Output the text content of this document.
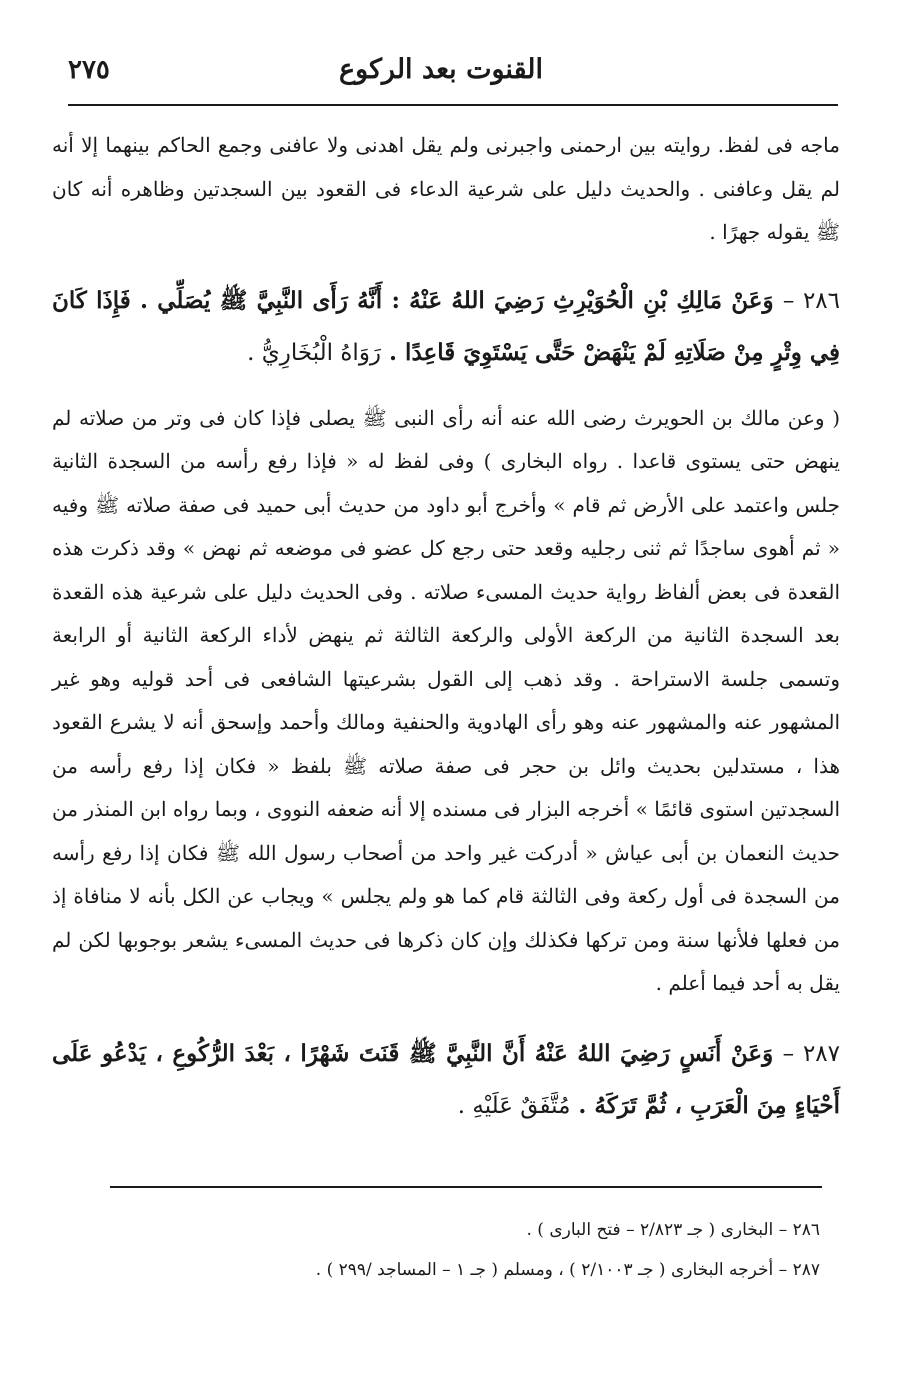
القنوت بعد الركوع
٢٧٥

ماجه فى لفظ. روايته بين ارحمنى واجبرنى ولم يقل اهدنى ولا عافنى وجمع الحاكم بينهما إلا أنه لم يقل وعافنى . والحديث دليل على شرعية الدعاء فى القعود بين السجدتين وظاهره أنه كان ﷺ يقوله جهرًا .

٢٨٦ – وَعَنْ مَالِكِ بْنِ الْحُوَيْرِثِ رَضِيَ اللهُ عَنْهُ : أَنَّهُ رَأَى النَّبِيَّ ﷺ يُصَلِّي . فَإِذَا كَانَ فِي وِتْرٍ مِنْ صَلَاتِهِ لَمْ يَنْهَضْ حَتَّى يَسْتَوِيَ قَاعِدًا . رَوَاهُ الْبُخَارِيُّ .

( وعن مالك بن الحويرث رضى الله عنه أنه رأى النبى ﷺ يصلى فإذا كان فى وتر من صلاته لم ينهض حتى يستوى قاعدا . رواه البخارى ) وفى لفظ له « فإذا رفع رأسه من السجدة الثانية جلس واعتمد على الأرض ثم قام » وأخرج أبو داود من حديث أبى حميد فى صفة صلاته ﷺ وفيه « ثم أهوى ساجدًا ثم ثنى رجليه وقعد حتى رجع كل عضو فى موضعه ثم نهض » وقد ذكرت هذه القعدة فى بعض ألفاظ رواية حديث المسىء صلاته . وفى الحديث دليل على شرعية هذه القعدة بعد السجدة الثانية من الركعة الأولى والركعة الثالثة ثم ينهض لأداء الركعة الثانية أو الرابعة وتسمى جلسة الاستراحة . وقد ذهب إلى القول بشرعيتها الشافعى فى أحد قوليه وهو غير المشهور عنه والمشهور عنه وهو رأى الهادوية والحنفية ومالك وأحمد وإسحق أنه لا يشرع القعود هذا ، مستدلين بحديث وائل بن حجر فى صفة صلاته ﷺ بلفظ « فكان إذا رفع رأسه من السجدتين استوى قائمًا » أخرجه البزار فى مسنده إلا أنه ضعفه النووى ، وبما رواه ابن المنذر من حديث النعمان بن أبى عياش « أدركت غير واحد من أصحاب رسول الله ﷺ فكان إذا رفع رأسه من السجدة فى أول ركعة وفى الثالثة قام كما هو ولم يجلس » ويجاب عن الكل بأنه لا منافاة إذ من فعلها فلأنها سنة ومن تركها فكذلك وإن كان ذكرها فى حديث المسىء يشعر بوجوبها لكن لم يقل به أحد فيما أعلم .

٢٨٧ – وَعَنْ أَنَسٍ رَضِيَ اللهُ عَنْهُ أَنَّ النَّبِيَّ ﷺ قَنَتَ شَهْرًا ، بَعْدَ الرُّكُوعِ ، يَدْعُو عَلَى أَحْيَاءٍ مِنَ الْعَرَبِ ، ثُمَّ تَرَكَهُ . مُتَّفَقٌ عَلَيْهِ .

٢٨٦ – البخارى ( جـ ٢/٨٢٣ – فتح البارى ) .

٢٨٧ – أخرجه البخارى ( جـ ٢/١٠٠٣ ) ، ومسلم ( جـ ١ – المساجد /٢٩٩ ) .
